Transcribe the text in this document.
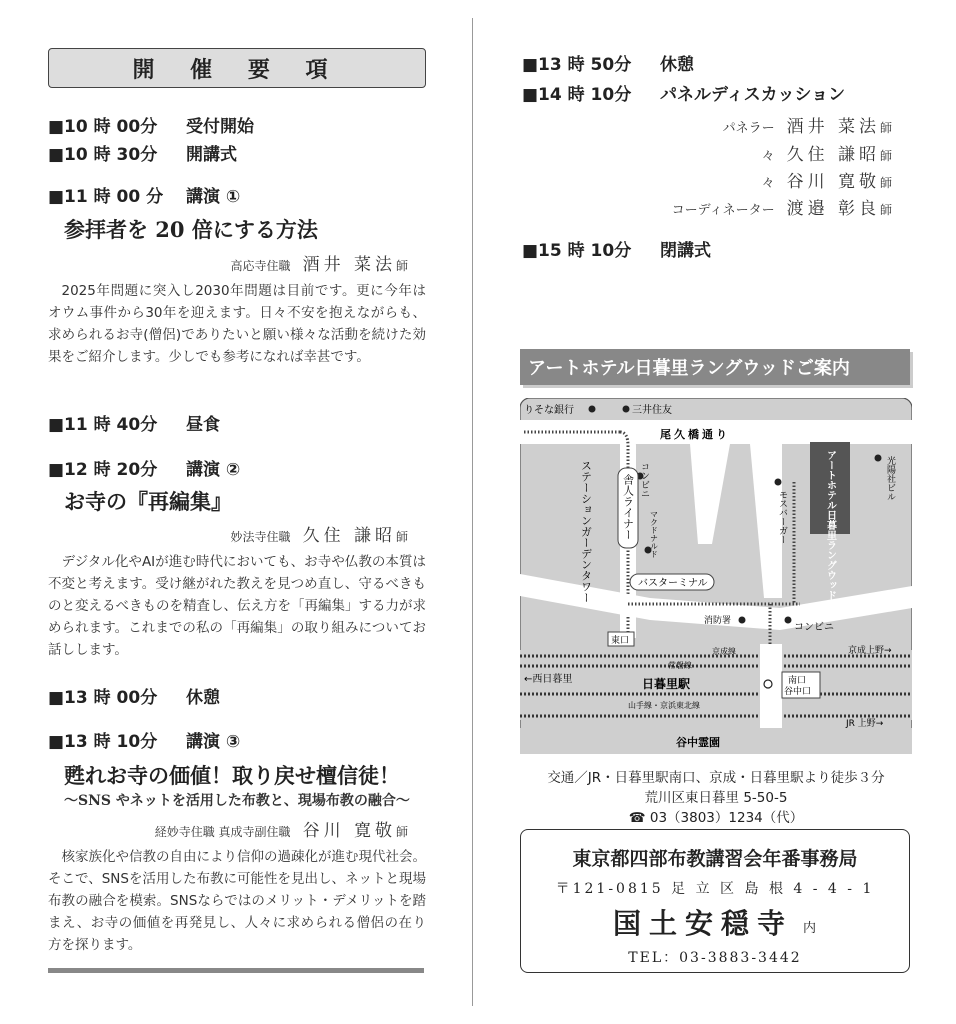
開 催 要 項
■10 時 00分 受付開始
■10 時 30分 開講式
■11 時 00 分 講演 ①
参拝者を 20 倍にする方法
高応寺住職　 酒井 菜法師
2025年問題に突入し2030年問題は目前です。更に今年はオウム事件から30年を迎えます。日々不安を抱えながらも、求められるお寺(僧侶)でありたいと願い様々な活動を続けた効果をご紹介します。少しでも参考になれば幸甚です。
■11 時 40分 昼食
■12 時 20分 講演 ②
お寺の『再編集』
妙法寺住職　 久住 謙昭師
デジタル化やAIが進む時代においても、お寺や仏教の本質は不変と考えます。受け継がれた教えを見つめ直し、守るべきものと変えるべきものを精査し、伝え方を「再編集」する力が求められます。これまでの私の「再編集」の取り組みについてお話しします。
■13 時 00分 休憩
■13 時 10分 講演 ③
甦れお寺の価値！取り戻せ檀信徒！
～SNS やネットを活用した布教と、現場布教の融合～
経妙寺住職 真成寺副住職　 谷川 寛敬師
核家族化や信教の自由により信仰の過疎化が進む現代社会。そこで、SNSを活用した布教に可能性を見出し、ネットと現場布教の融合を模索。SNSならではのメリット・デメリットを踏まえ、お寺の価値を再発見し、人々に求められる僧侶の在り方を探ります。
■13 時 50分 休憩
■14 時 10分 パネルディスカッション
パネラー 酒井 菜法師
々 久住 謙昭師
々 谷川 寛敬師
コーディネーター 渡邉 彰良師
■15 時 10分 閉講式
アートホテル日暮里ラングウッドご案内
りそな銀行	三井住友
尾久橋通り
ステーションガーデンタワー	舎人ライナー コンビニ
マクドナルド	モスバーガー	アートホテル日暮里ラングウッド	光陽社ビル
バスターミナル
消防署
コンビニ
東口
京成線	京成上野→
常磐線
←西日暮里	日暮里駅	南口
谷中口
山手線・京浜東北線
JR 上野→
谷中霊園
交通／JR・日暮里駅南口、京成・日暮里駅より徒歩３分
荒川区東日暮里 5-50-5
☎ 03（3803）1234（代）
東京都四部布教講習会年番事務局
〒121-0815 足 立 区 島 根 4 - 4 - 1
国土安穏寺 内
TEL：03-3883-3442
